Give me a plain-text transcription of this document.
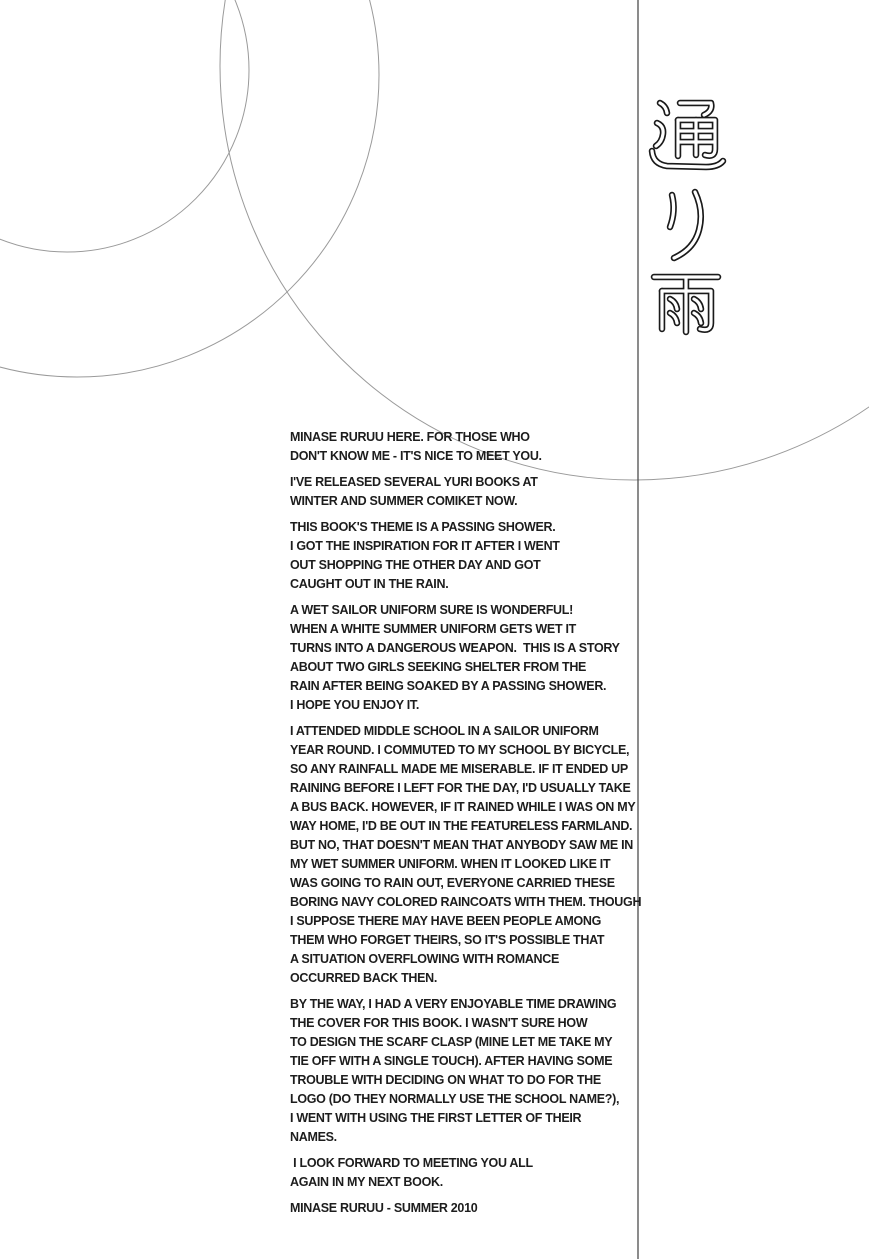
MINASE RURUU HERE. FOR THOSE WHO
DON'T KNOW ME - IT'S NICE TO MEET YOU.
I'VE RELEASED SEVERAL YURI BOOKS AT
WINTER AND SUMMER COMIKET NOW.
THIS BOOK'S THEME IS A PASSING SHOWER.
I GOT THE INSPIRATION FOR IT AFTER I WENT
OUT SHOPPING THE OTHER DAY AND GOT
CAUGHT OUT IN THE RAIN.
A WET SAILOR UNIFORM SURE IS WONDERFUL!
WHEN A WHITE SUMMER UNIFORM GETS WET IT
TURNS INTO A DANGEROUS WEAPON.  THIS IS A STORY
ABOUT TWO GIRLS SEEKING SHELTER FROM THE
RAIN AFTER BEING SOAKED BY A PASSING SHOWER.
I HOPE YOU ENJOY IT.
I ATTENDED MIDDLE SCHOOL IN A SAILOR UNIFORM
YEAR ROUND. I COMMUTED TO MY SCHOOL BY BICYCLE,
SO ANY RAINFALL MADE ME MISERABLE. IF IT ENDED UP
RAINING BEFORE I LEFT FOR THE DAY, I'D USUALLY TAKE
A BUS BACK. HOWEVER, IF IT RAINED WHILE I WAS ON MY
WAY HOME, I'D BE OUT IN THE FEATURELESS FARMLAND.
BUT NO, THAT DOESN'T MEAN THAT ANYBODY SAW ME IN
MY WET SUMMER UNIFORM. WHEN IT LOOKED LIKE IT
WAS GOING TO RAIN OUT, EVERYONE CARRIED THESE
BORING NAVY COLORED RAINCOATS WITH THEM. THOUGH
I SUPPOSE THERE MAY HAVE BEEN PEOPLE AMONG
THEM WHO FORGET THEIRS, SO IT'S POSSIBLE THAT
A SITUATION OVERFLOWING WITH ROMANCE
OCCURRED BACK THEN.
BY THE WAY, I HAD A VERY ENJOYABLE TIME DRAWING
THE COVER FOR THIS BOOK. I WASN'T SURE HOW
TO DESIGN THE SCARF CLASP (MINE LET ME TAKE MY
TIE OFF WITH A SINGLE TOUCH). AFTER HAVING SOME
TROUBLE WITH DECIDING ON WHAT TO DO FOR THE
LOGO (DO THEY NORMALLY USE THE SCHOOL NAME?),
I WENT WITH USING THE FIRST LETTER OF THEIR
NAMES.
I LOOK FORWARD TO MEETING YOU ALL
AGAIN IN MY NEXT BOOK.
MINASE RURUU - SUMMER 2010
